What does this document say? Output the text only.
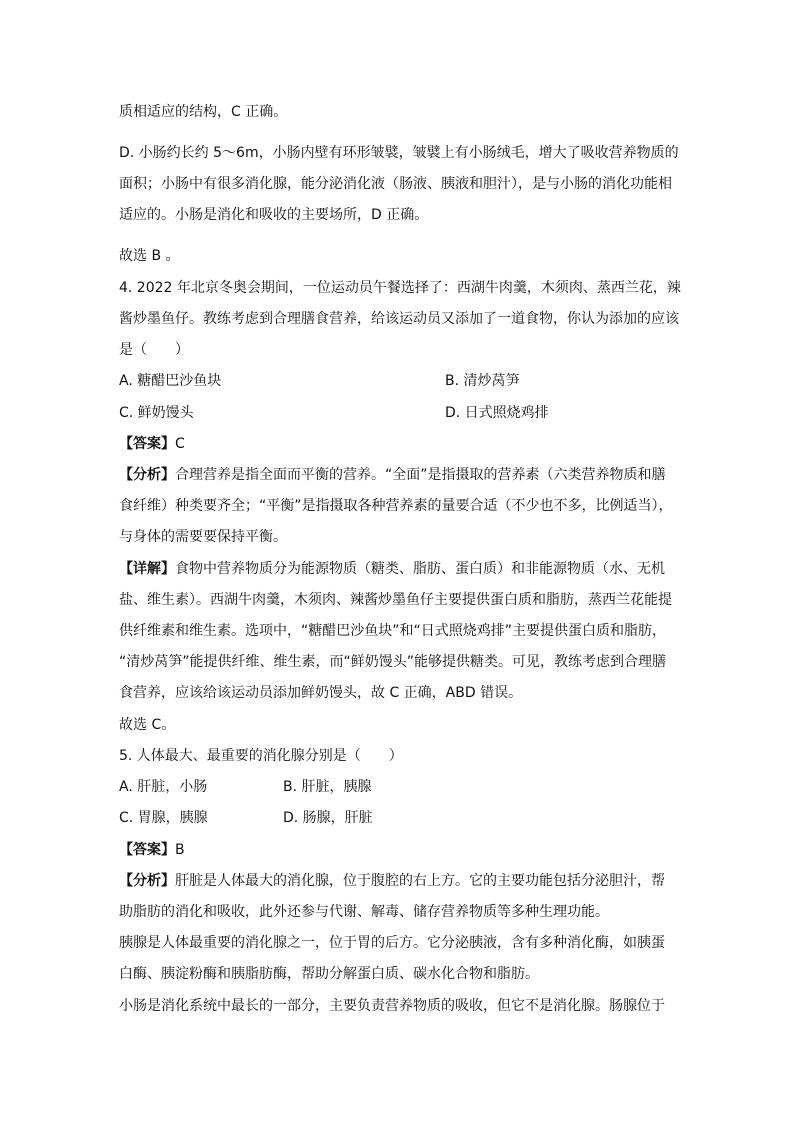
质相适应的结构，C 正确。
D. 小肠约长约 5～6m，小肠内壁有环形皱襞，皱襞上有小肠绒毛，增大了吸收营养物质的
面积；小肠中有很多消化腺，能分泌消化液（肠液、胰液和胆汁），是与小肠的消化功能相
适应的。小肠是消化和吸收的主要场所，D 正确。
故选 B 。
4. 2022 年北京冬奥会期间，一位运动员午餐选择了：西湖牛肉羹，木须肉、蒸西兰花，辣
酱炒墨鱼仔。教练考虑到合理膳食营养，给该运动员又添加了一道食物，你认为添加的应该
是（　　）
A. 糖醋巴沙鱼块	B. 清炒莴笋
C. 鲜奶馒头	D. 日式照烧鸡排
【答案】C
【分析】合理营养是指全面而平衡的营养。“全面”是指摄取的营养素（六类营养物质和膳
食纤维）种类要齐全；“平衡”是指摄取各种营养素的量要合适（不少也不多，比例适当），
与身体的需要要保持平衡。
【详解】食物中营养物质分为能源物质（糖类、脂肪、蛋白质）和非能源物质（水、无机
盐、维生素）。西湖牛肉羹，木须肉、辣酱炒墨鱼仔主要提供蛋白质和脂肪，蒸西兰花能提
供纤维素和维生素。选项中，“糖醋巴沙鱼块”和“日式照烧鸡排”主要提供蛋白质和脂肪，
“清炒莴笋”能提供纤维、维生素，而“鲜奶馒头”能够提供糖类。可见，教练考虑到合理膳
食营养，应该给该运动员添加鲜奶馒头，故 C 正确，ABD 错误。
故选 C。
5. 人体最大、最重要的消化腺分别是（　　）
A. 肝脏，小肠	B. 肝脏，胰腺
C. 胃腺，胰腺	D. 肠腺，肝脏
【答案】B
【分析】肝脏是人体最大的消化腺，位于腹腔的右上方。它的主要功能包括分泌胆汁，帮
助脂肪的消化和吸收，此外还参与代谢、解毒、储存营养物质等多种生理功能。
胰腺是人体最重要的消化腺之一，位于胃的后方。它分泌胰液，含有多种消化酶，如胰蛋
白酶、胰淀粉酶和胰脂肪酶，帮助分解蛋白质、碳水化合物和脂肪。
小肠是消化系统中最长的一部分，主要负责营养物质的吸收，但它不是消化腺。肠腺位于
